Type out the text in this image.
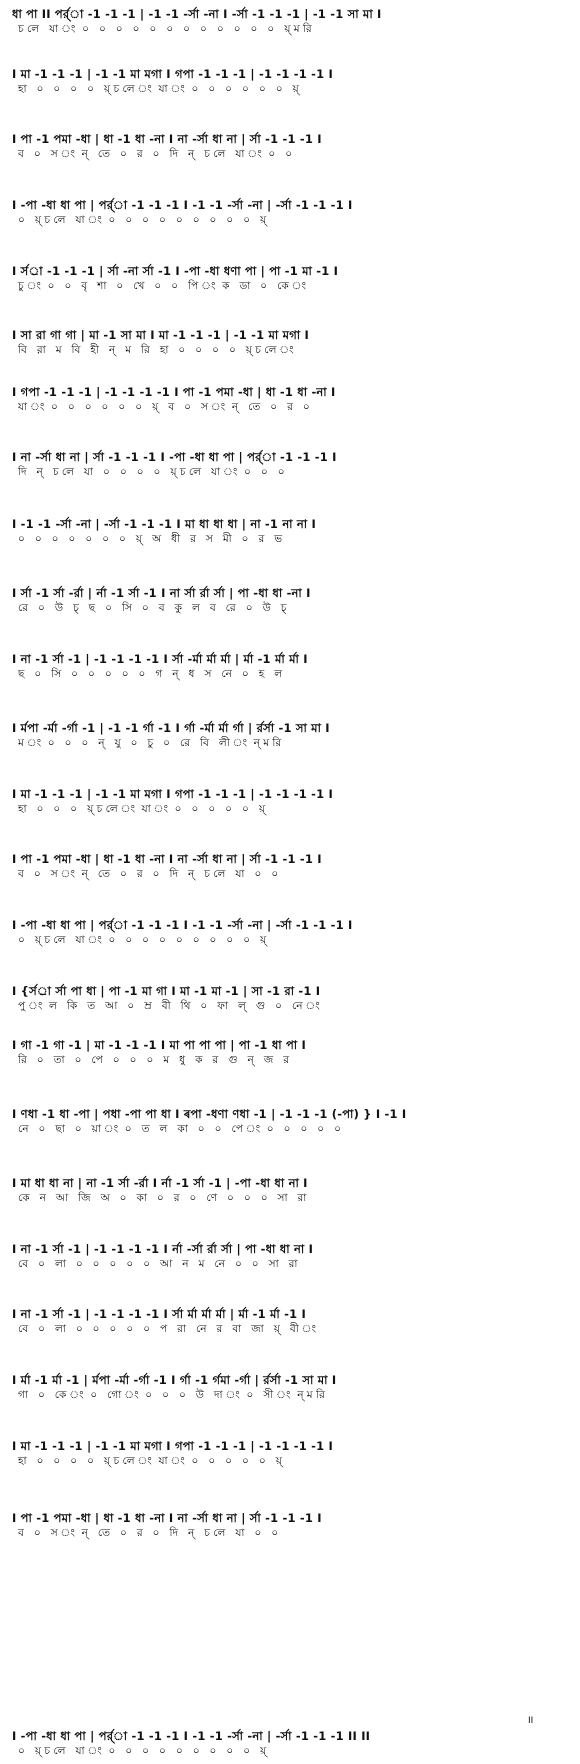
ধা পা II পর্র্া -1 -1 -1 | -1 -1 -র্সা -না I -র্সা -1 -1 -1 | -1 -1 সা মা I
চ লে   যা ং  ০   ০   ০   ০   ০   ০   ০   ০   ০   ০   ০   ০   য়্ ম রি
I মা -1 -1 -1 | -1 -1 মা মগা I গপা -1 -1 -1 | -1 -1 -1 -1 I
হা   ০   ০   ০   ০   য়্ চ লে ং  যা ং  ০   ০   ০   ০   ০   ০   য়্
I পা -1 পমা -ধা | ধা -1 ধা -না I না -র্সা ধা না | র্সা -1 -1 -1 I
ব   ০   স ং  ন্   তে   ০   র   ০   দি   ন্   চ লে   যা ং  ০   ০
I -পা -ধা ধা পা | পর্র্া -1 -1 -1 I -1 -1 -র্সা -না | -র্সা -1 -1 -1 I
০   য়্ চ লে   যা ং  ০   ০   ০   ০   ০   ০   ০   ০   ০   য়্
I র্সর্া -1 -1 -1 | র্সা -না র্সা -1 I -পা -ধা ধণা পা | পা -1 মা -1 I
চু ং  ০   ০   বৃ   শা   ০   খে   ০   ০   পি ং  ক   ডা   ০   কে ং
I সা রা গা গা | মা -1 সা মা I মা -1 -1 -1 | -1 -1 মা মগা I
বি   র়া   ম   বি   হী   ন্   ম   রি   হা   ০   ০   ০   ০   য়্ চ লে ং
I গপা -1 -1 -1 | -1 -1 -1 -1 I পা -1 পমা -ধা | ধা -1 ধা -না I
যা ং  ০   ০   ০   ০   ০   ০   য়্   ব   ০   স ং  ন্   তে   ০   র   ০
I না -র্সা ধা না | র্সা -1 -1 -1 I -পা -ধা ধা পা | পর্র্া -1 -1 -1 I
দি   ন্   চ লে   যা   ০   ০   ০   ০   য়্ চ লে   যা ং  ০   ০   ০
I -1 -1 -র্সা -না | -র্সা -1 -1 -1 I মা ধা ধা ধা | না -1 না না I
০   ০   ০   ০   ০   ০   ০   য়্   অ   ধী   র   স   মী   ০   র   ভ
I র্সা -1 র্সা -র্রা | র্না -1 র্সা -1 I না র্সা র্রা র্সা | পা -ধা ধা -না I
রে   ০   উ   চ্   ছ   ০   সি   ০   ব   কু   ল   ব   রে   ০   উ   চ্
I না -1 র্সা -1 | -1 -1 -1 -1 I র্সা -র্মা র্মা র্মা | র্মা -1 র্মা র্মা I
ছ   ০   সি   ০   ০   ০   ০   ০   গ   ন্   ধ   স   নে   ০   হ   ল
I র্মপা -র্মা -র্গা -1 | -1 -1 র্গা -1 I র্গা -র্মা র্মা র্গা | র্রর্সা -1 সা মা I
ম ং  ০   ০   ০   ন্   যু   ০   চু   ০   রে   বি   লী ং  ন্ ম রি
I মা -1 -1 -1 | -1 -1 মা মগা I গপা -1 -1 -1 | -1 -1 -1 -1 I
হা   ০   ০   ০   য়্ চ লে ং  যা ং  ০   ০   ০   ০   ০   য়্
I পা -1 পমা -ধা | ধা -1 ধা -না I না -র্সা ধা না | র্সা -1 -1 -1 I
ব   ০   স ং  ন্   তে   ০   র   ০   দি   ন্   চ লে   যা   ০   ০
I -পা -ধা ধা পা | পর্র্া -1 -1 -1 I -1 -1 -র্সা -না | -র্সা -1 -1 -1 I
০   য়্ চ লে   যা ং  ০   ০   ০   ০   ০   ০   ০   ০   ০   য়্
I {র্সর্া র্সা পা ধা | পা -1 মা গা I মা -1 মা -1 | সা -1 রা -1 I
পু ং  ল   কি   ত   আ   ০   ম্র   বী   থি   ০   ফা   ল্   গু   ০   নে ং
I গা -1 গা -1 | মা -1 -1 -1 I মা পা পা পা | পা -1 ধা পা I
রি   ০   তা   ০   পে   ০   ০   ০   ম   ধু   ক   র   গু   ন্   জ   র
I ণধা -1 ধা -পা | পধা -পা পা ধা I ৰপা -ধণা ণধা -1 | -1 -1 -1 (-পা) } I -1 I
নে   ০   ছা   ০   য়া ং  ০   ত   ল   কা   ০   ০   পে ং  ০   ০   ০   ০   ০
I মা ধা ধা না | না -1 র্সা -র্রা I র্না -1 র্সা -1 | -পা -ধা ধা না I
কে   ন   আ   জি   অ   ০   কা   ০   র   ০   ণে   ০   ০   ০   সা   রা
I না -1 র্সা -1 | -1 -1 -1 -1 I র্না -র্সা র্রা র্সা | পা -ধা ধা না I
বে   ০   লা   ০   ০   ০   ০   ০   আ   ন   ম   নে   ০   ০   সা   রা
I না -1 র্সা -1 | -1 -1 -1 -1 I র্সা র্মা র্মা র্মা | র্মা -1 র্মা -1 I
বে   ০   লা   ০   ০   ০   ০   ০   প   রা   নে   র   বা   জা   য়্   বী ং
I র্মা -1 র্মা -1 | র্মপা -র্মা -র্গা -1 I র্গা -1 র্গমা -র্গা | র্রর্সা -1 সা মা I
গা   ০   কে ং  ০   গো ং  ০   ০   ০   উ   দা ং  ০   সী ং  ন্ ম রি
I মা -1 -1 -1 | -1 -1 মা মগা I গপা -1 -1 -1 | -1 -1 -1 -1 I
হা   ০   ০   ০   ০   য়্ চ লে ং  যা ং  ০   ০   ০   ০   ০   য়্
I পা -1 পমা -ধা | ধা -1 ধা -না I না -র্সা ধা না | র্সা -1 -1 -1 I
ব   ০   স ং  ন্   তে   ০   র   ০   দি   ন্   চ লে   যা   ০   ০
II
I -পা -ধা ধা পা | পর্র্া -1 -1 -1 I -1 -1 -র্সা -না | -র্সা -1 -1 -1 II II
০   য়্ চ লে   যা ং  ০   ০   ০   ০   ০   ০   ০   ০   ০   য়্
